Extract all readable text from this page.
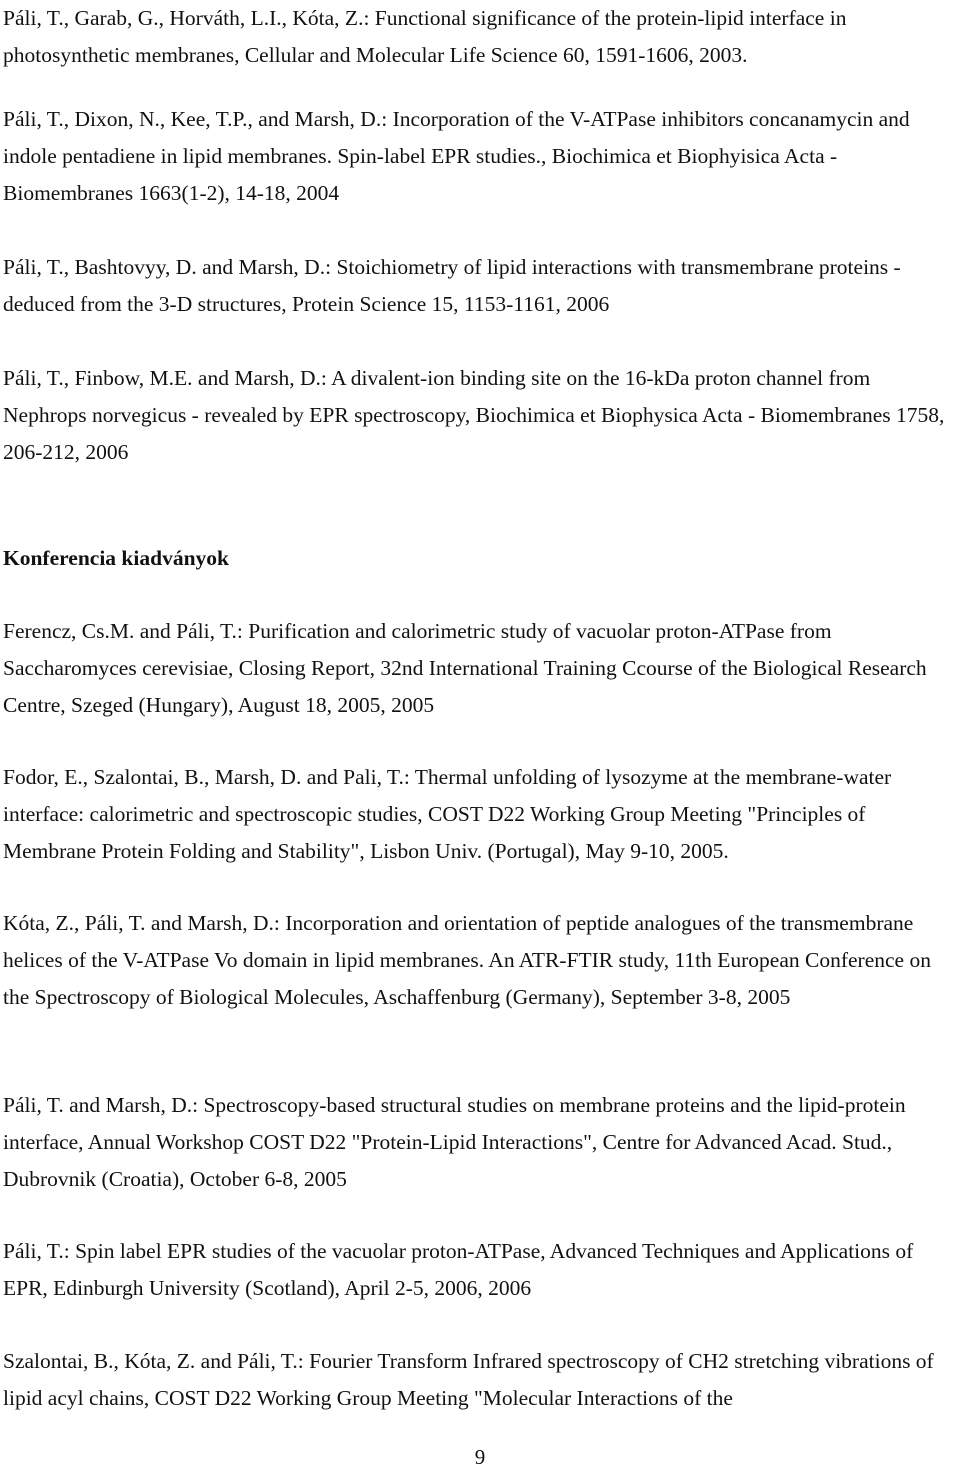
Páli, T., Garab, G., Horváth, L.I., Kóta, Z.: Functional significance of the protein-lipid interface in photosynthetic membranes, Cellular and Molecular Life Science 60, 1591-1606, 2003.

Páli, T., Dixon, N., Kee, T.P., and Marsh, D.: Incorporation of the V-ATPase inhibitors concanamycin and indole pentadiene in lipid membranes. Spin-label EPR studies., Biochimica et Biophyisica Acta - Biomembranes 1663(1-2), 14-18, 2004

Páli, T., Bashtovyy, D. and Marsh, D.: Stoichiometry of lipid interactions with transmembrane proteins - deduced from the 3-D structures, Protein Science 15, 1153-1161, 2006

Páli, T., Finbow, M.E. and Marsh, D.: A divalent-ion binding site on the 16-kDa proton channel from Nephrops norvegicus - revealed by EPR spectroscopy, Biochimica et Biophysica Acta - Biomembranes 1758, 206-212, 2006

Konferencia kiadványok

Ferencz, Cs.M. and Páli, T.: Purification and calorimetric study of vacuolar proton-ATPase from Saccharomyces cerevisiae, Closing Report, 32nd International Training Ccourse of the Biological Research Centre, Szeged (Hungary), August 18, 2005, 2005

Fodor, E., Szalontai, B., Marsh, D. and Pali, T.: Thermal unfolding of lysozyme at the membrane-water interface: calorimetric and spectroscopic studies, COST D22 Working Group Meeting "Principles of Membrane Protein Folding and Stability", Lisbon Univ. (Portugal), May 9-10, 2005.

Kóta, Z., Páli, T. and Marsh, D.: Incorporation and orientation of peptide analogues of the transmembrane helices of the V-ATPase Vo domain in lipid membranes. An ATR-FTIR study, 11th European Conference on the Spectroscopy of Biological Molecules, Aschaffenburg (Germany), September 3-8, 2005

Páli, T. and Marsh, D.: Spectroscopy-based structural studies on membrane proteins and the lipid-protein interface, Annual Workshop COST D22 "Protein-Lipid Interactions", Centre for Advanced Acad. Stud., Dubrovnik (Croatia), October 6-8, 2005

Páli, T.: Spin label EPR studies of the vacuolar proton-ATPase, Advanced Techniques and Applications of EPR, Edinburgh University (Scotland), April 2-5, 2006, 2006

Szalontai, B., Kóta, Z. and Páli, T.: Fourier Transform Infrared spectroscopy of CH2 stretching vibrations of lipid acyl chains, COST D22 Working Group Meeting "Molecular Interactions of the

9
